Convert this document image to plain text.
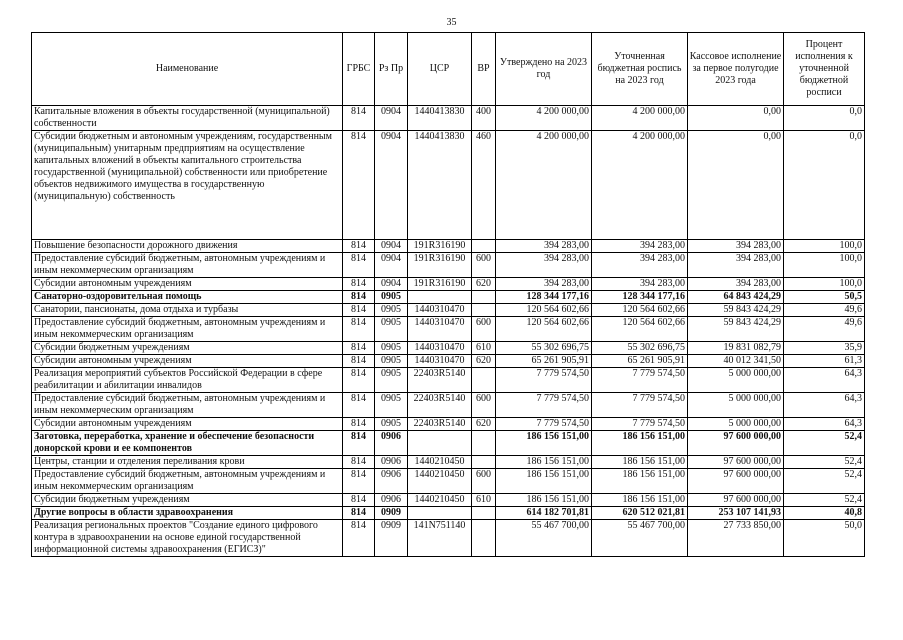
35
Наименование	ГРБС	Рз Пр	ЦСР	ВР	Утверждено на 2023 год	Уточненная бюджетная роспись на 2023 год	Кассовое исполнение за первое полугодие 2023 года	Процент исполнения к уточненной бюджетной росписи
Капитальные вложения в объекты государственной (муниципальной) собственности	814	0904	1440413830	400	4 200 000,00	4 200 000,00	0,00	0,0
Субсидии бюджетным и автономным учреждениям, государственным (муниципальным) унитарным предприятиям на осуществление капитальных вложений в объекты капитального строительства государственной (муниципальной) собственности или приобретение объектов недвижимого имущества в государственную (муниципальную) собственность	814	0904	1440413830	460	4 200 000,00	4 200 000,00	0,00	0,0
Повышение безопасности дорожного движения	814	0904	191R316190		394 283,00	394 283,00	394 283,00	100,0
Предоставление субсидий бюджетным, автономным учреждениям и иным некоммерческим организациям	814	0904	191R316190	600	394 283,00	394 283,00	394 283,00	100,0
Субсидии автономным учреждениям	814	0904	191R316190	620	394 283,00	394 283,00	394 283,00	100,0
Санаторно-оздоровительная помощь	814	0905			128 344 177,16	128 344 177,16	64 843 424,29	50,5
Санатории, пансионаты, дома отдыха и турбазы	814	0905	1440310470		120 564 602,66	120 564 602,66	59 843 424,29	49,6
Предоставление субсидий бюджетным, автономным учреждениям и иным некоммерческим организациям	814	0905	1440310470	600	120 564 602,66	120 564 602,66	59 843 424,29	49,6
Субсидии бюджетным учреждениям	814	0905	1440310470	610	55 302 696,75	55 302 696,75	19 831 082,79	35,9
Субсидии автономным учреждениям	814	0905	1440310470	620	65 261 905,91	65 261 905,91	40 012 341,50	61,3
Реализация мероприятий субъектов Российской Федерации в сфере реабилитации и абилитации инвалидов	814	0905	22403R5140		7 779 574,50	7 779 574,50	5 000 000,00	64,3
Предоставление субсидий бюджетным, автономным учреждениям и иным некоммерческим организациям	814	0905	22403R5140	600	7 779 574,50	7 779 574,50	5 000 000,00	64,3
Субсидии автономным учреждениям	814	0905	22403R5140	620	7 779 574,50	7 779 574,50	5 000 000,00	64,3
Заготовка, переработка, хранение и обеспечение безопасности донорской крови и ее компонентов	814	0906			186 156 151,00	186 156 151,00	97 600 000,00	52,4
Центры, станции и отделения переливания крови	814	0906	1440210450		186 156 151,00	186 156 151,00	97 600 000,00	52,4
Предоставление субсидий бюджетным, автономным учреждениям и иным некоммерческим организациям	814	0906	1440210450	600	186 156 151,00	186 156 151,00	97 600 000,00	52,4
Субсидии бюджетным учреждениям	814	0906	1440210450	610	186 156 151,00	186 156 151,00	97 600 000,00	52,4
Другие вопросы в области здравоохранения	814	0909			614 182 701,81	620 512 021,81	253 107 141,93	40,8
Реализация региональных проектов "Создание единого цифрового контура в здравоохранении на основе единой государственной информационной системы здравоохранения (ЕГИСЗ)"	814	0909	141N751140		55 467 700,00	55 467 700,00	27 733 850,00	50,0
